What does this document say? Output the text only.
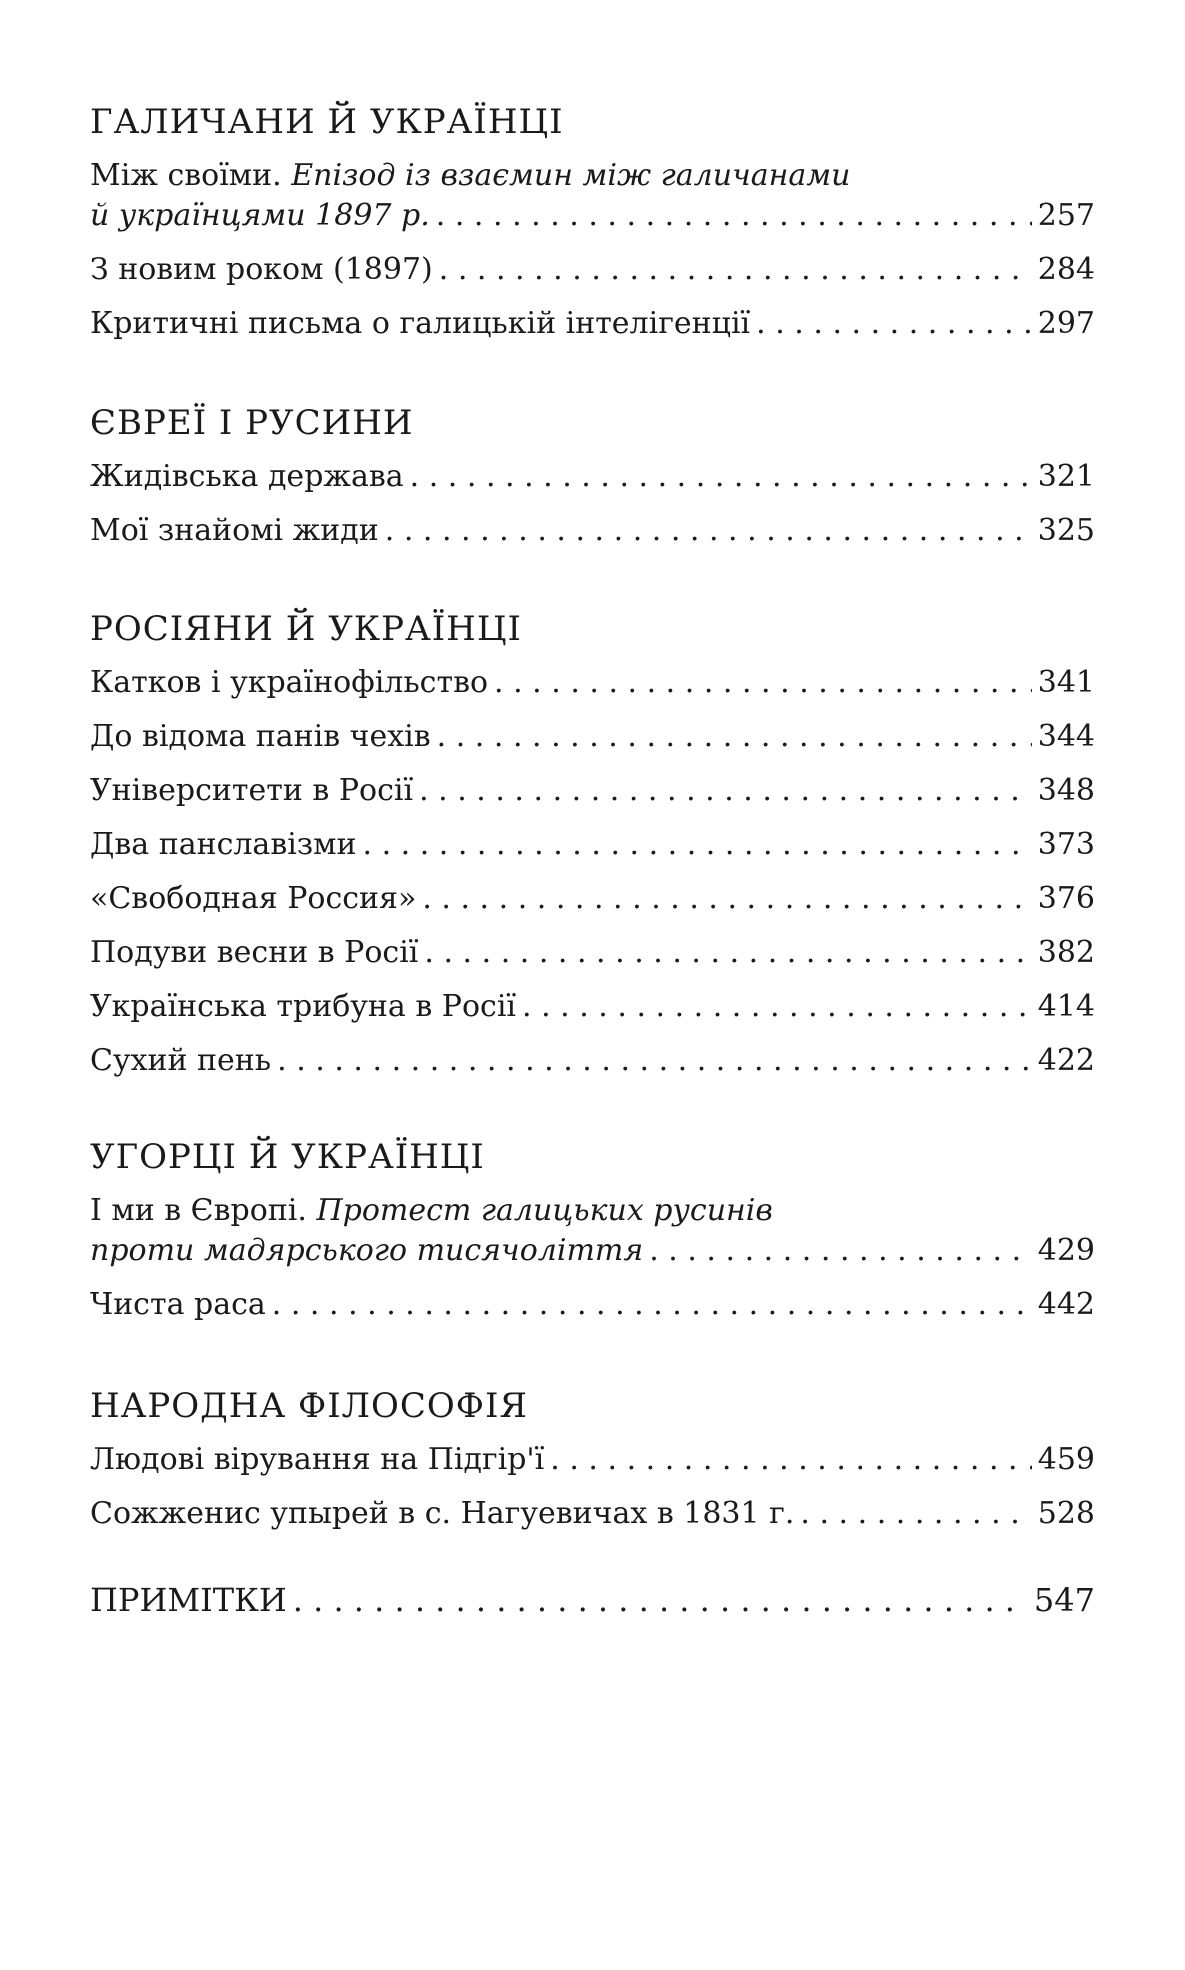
ГАЛИЧАНИ Й УКРАЇНЦІ
Між своїми. Епізод із взаємин між галичанами
й українцями 1897 р. . . .	257
З новим роком (1897) . . .	284
Критичні письма о галицькій інтелігенції . . .	297
ЄВРЕЇ І РУСИНИ
Жидівська держава . . .	321
Мої знайомі жиди . . .	325
РОСІЯНИ Й УКРАЇНЦІ
Катков і українофільство . . .	341
До відома панів чехів . . .	344
Університети в Росії . . .	348
Два панславізми . . .	373
«Свободная Россия» . . .	376
Подуви весни в Росії . . .	382
Українська трибуна в Росії . . .	414
Сухий пень . . .	422
УГОРЦІ Й УКРАЇНЦІ
І ми в Європі. Протест галицьких русинів
проти мадярського тисячоліття . . .	429
Чиста раса . . .	442
НАРОДНА ФІЛОСОФІЯ
Людові вірування на Підгір'ї . . .	459
Сожженис упырей в с. Нагуевичах в 1831 г. . . .	528
ПРИМІТКИ . . .	547
